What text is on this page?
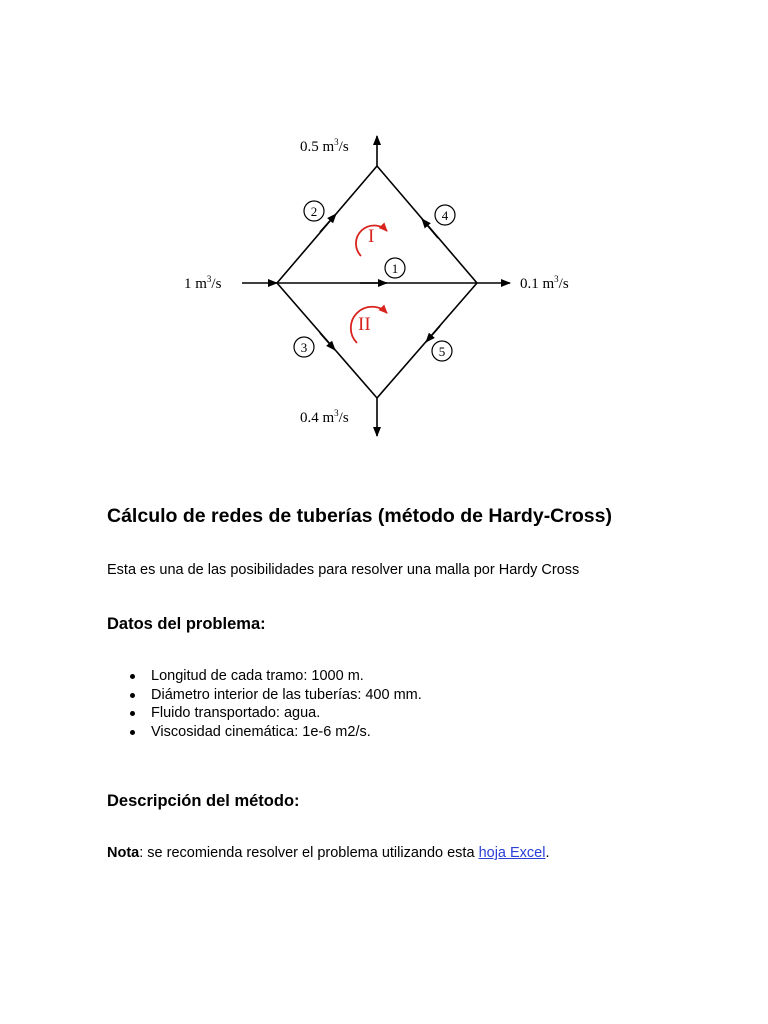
0.5 $m^3/s$
1 $m^3/s$	0.1 $m^3/s$
0.4 $m^3/s$
1
2
3
4
5
I
II
Cálculo de redes de tuberías (método de Hardy-Cross)

Esta es una de las posibilidades para resolver una malla por Hardy Cross

Datos del problema:
Longitud de cada tramo: 1000 m.
Diámetro interior de las tuberías: 400 mm.
Fluido transportado: agua.
Viscosidad cinemática: 1e-6 m2/s.
Descripción del método:

Nota: se recomienda resolver el problema utilizando esta hoja Excel.
